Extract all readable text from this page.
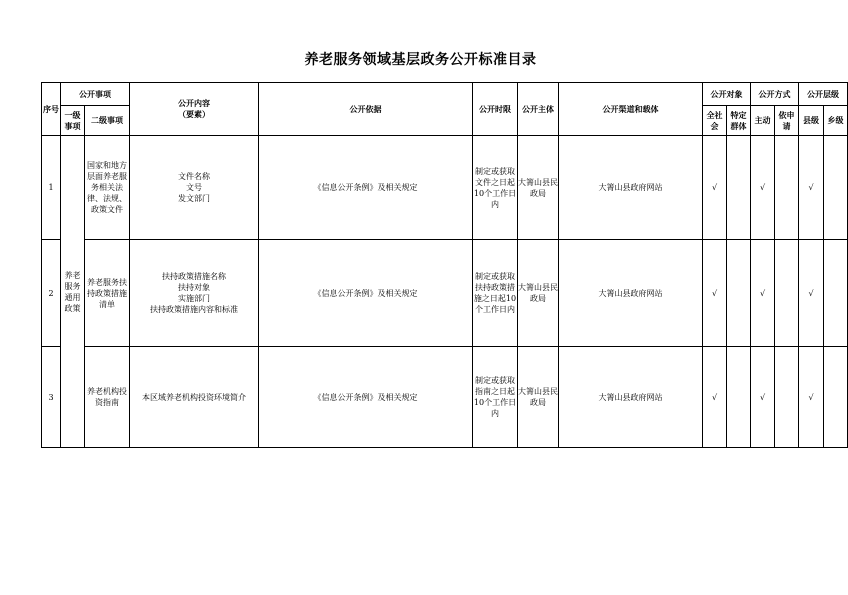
养老服务领域基层政务公开标准目录
序号	公开事项		公开内容
（要素）	公开依据	公开时限	公开主体	公开渠道和载体	公开对象		公开方式		公开层级	
	一级事项	二级事项						全社会	特定群体	主动	依申请	县级	乡级
1	养老服务通用政策	国家和地方层面养老服务相关法律、法规、政策文件	文件名称
文号
发文部门	《信息公开条例》及相关规定	制定或获取文件之日起10个工作日内	大箐山县民政局	大箐山县政府网站	√		√		√	
2		养老服务扶持政策措施清单	扶持政策措施名称
扶持对象
实施部门
扶持政策措施内容和标准	《信息公开条例》及相关规定	制定或获取扶持政策措施之日起10个工作日内	大箐山县民政局	大箐山县政府网站	√		√		√	
3		养老机构投资指南	本区域养老机构投资环境简介	《信息公开条例》及相关规定	制定或获取指南之日起10个工作日内	大箐山县民政局	大箐山县政府网站	√		√		√	
